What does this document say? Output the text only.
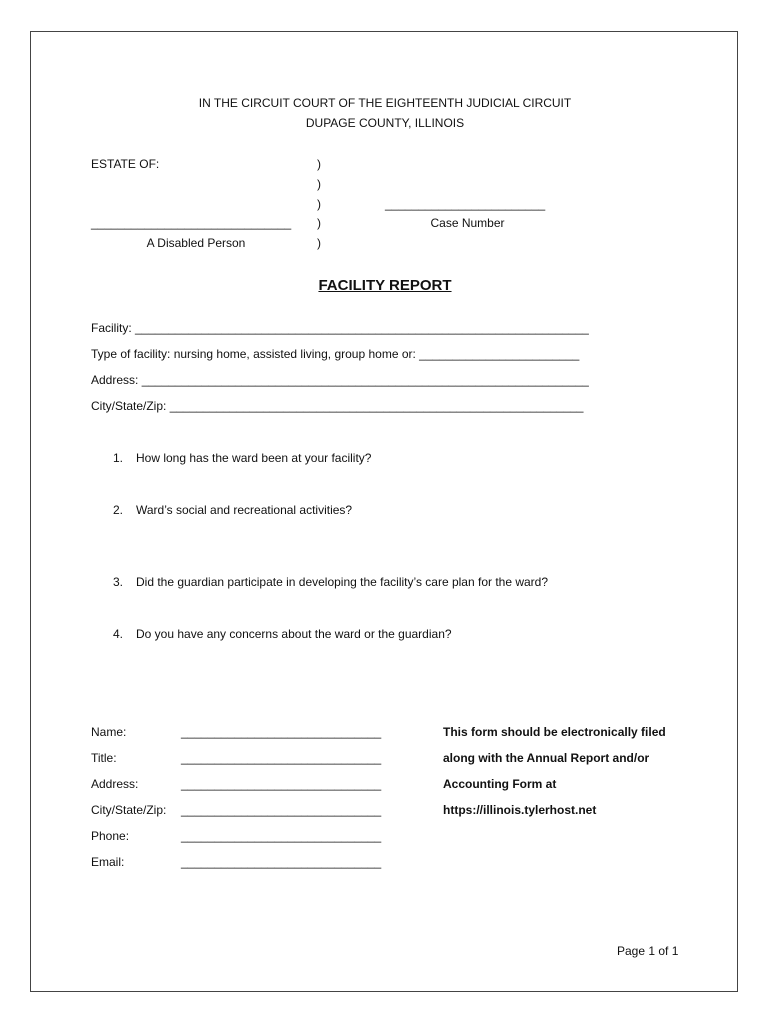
IN THE CIRCUIT COURT OF THE EIGHTEENTH JUDICIAL CIRCUIT
DUPAGE COUNTY, ILLINOIS
ESTATE OF:	)
)
)
)
)
________________________
Case Number
______________________________
A Disabled Person
FACILITY REPORT
Facility: ____________________________________________________________________
Type of facility: nursing home, assisted living, group home or: ________________________
Address: ___________________________________________________________________
City/State/Zip: ______________________________________________________________
1. How long has the ward been at your facility?
2. Ward’s social and recreational activities?
3. Did the guardian participate in developing the facility’s care plan for the ward?
4. Do you have any concerns about the ward or the guardian?
Name:	______________________________
Title:	______________________________
Address:	______________________________
City/State/Zip: ______________________________
Phone:	______________________________
Email:	______________________________
This form should be electronically filed
along with the Annual Report and/or
Accounting Form at
https://illinois.tylerhost.net
Page 1 of 1
